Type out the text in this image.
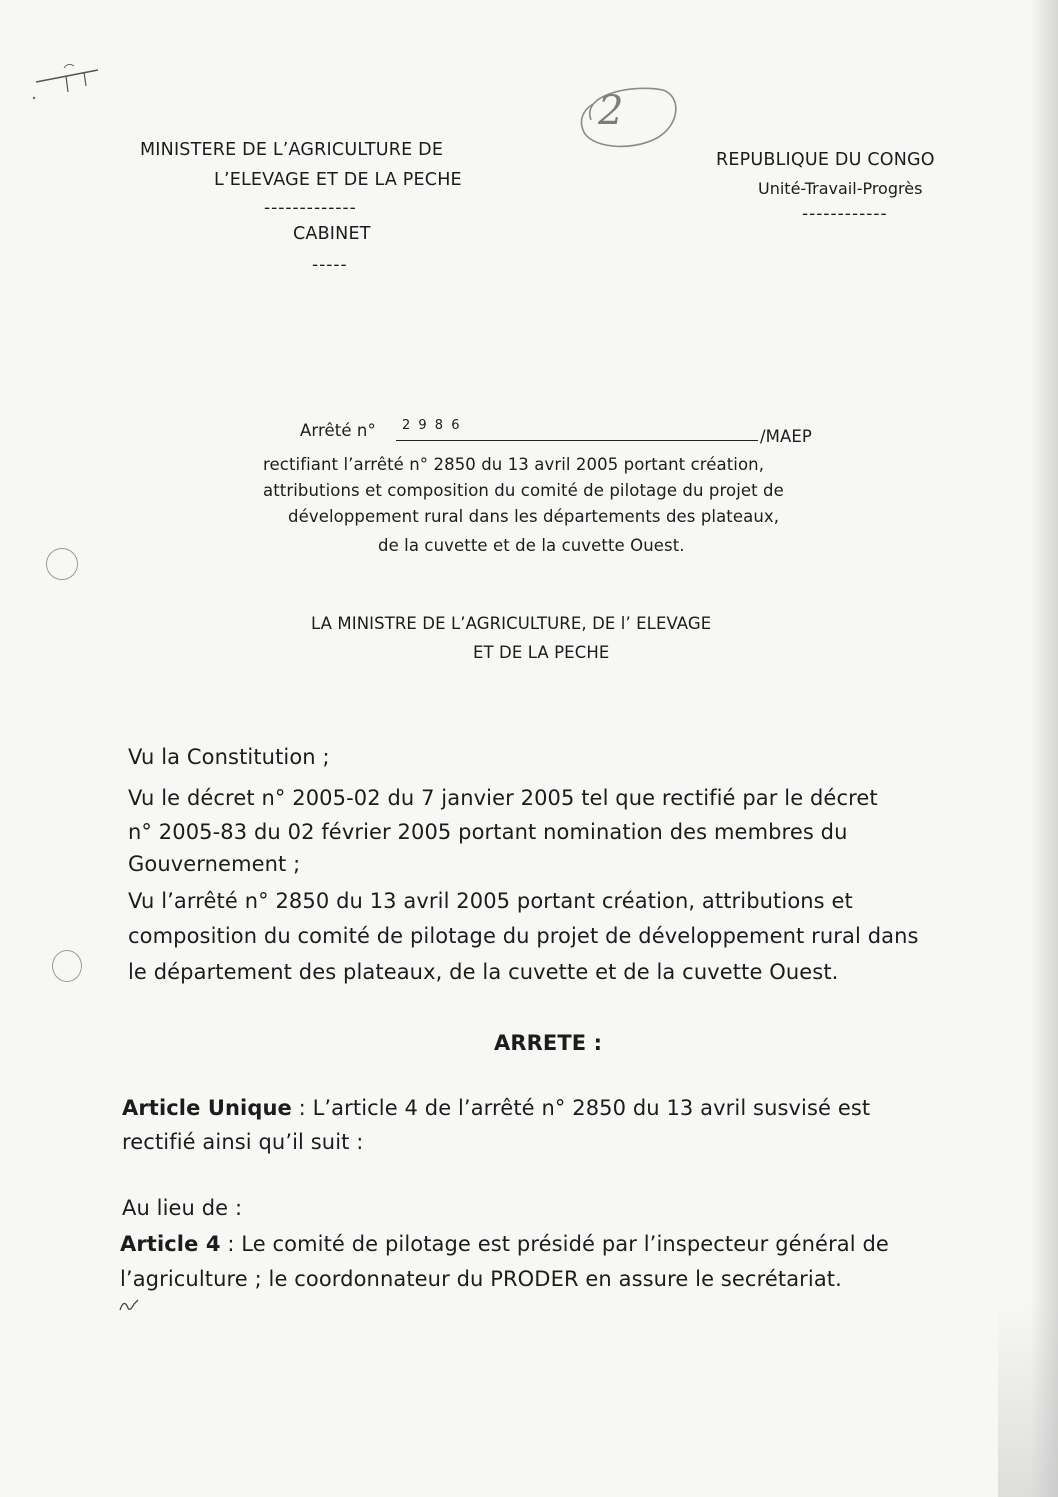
2
MINISTERE DE L’AGRICULTURE DE
L’ELEVAGE ET DE LA PECHE
-------------
CABINET
-----
REPUBLIQUE DU CONGO
Unité-Travail-Progrès
------------
Arrêté n° 2 9 8 6
/MAEP
rectifiant l’arrêté n° 2850 du 13 avril 2005 portant création,
attributions et composition du comité de pilotage du projet de
développement rural dans les départements des plateaux,
de la cuvette et de la cuvette Ouest.
LA MINISTRE DE L’AGRICULTURE, DE l’ ELEVAGE
ET DE LA PECHE
Vu la Constitution ;
Vu le décret n° 2005-02 du 7 janvier 2005 tel que rectifié par le décret
n° 2005-83 du 02 février 2005 portant nomination des membres du
Gouvernement ;
Vu l’arrêté n° 2850 du 13 avril 2005 portant création, attributions et
composition du comité de pilotage du projet de développement rural dans
le département des plateaux, de la cuvette et de la cuvette Ouest.
ARRETE :
Article Unique : L’article 4 de l’arrêté n° 2850 du 13 avril susvisé est
rectifié ainsi qu’il suit :
Au lieu de :
Article 4 : Le comité de pilotage est présidé par l’inspecteur général de
l’agriculture ; le coordonnateur du PRODER en assure le secrétariat.
